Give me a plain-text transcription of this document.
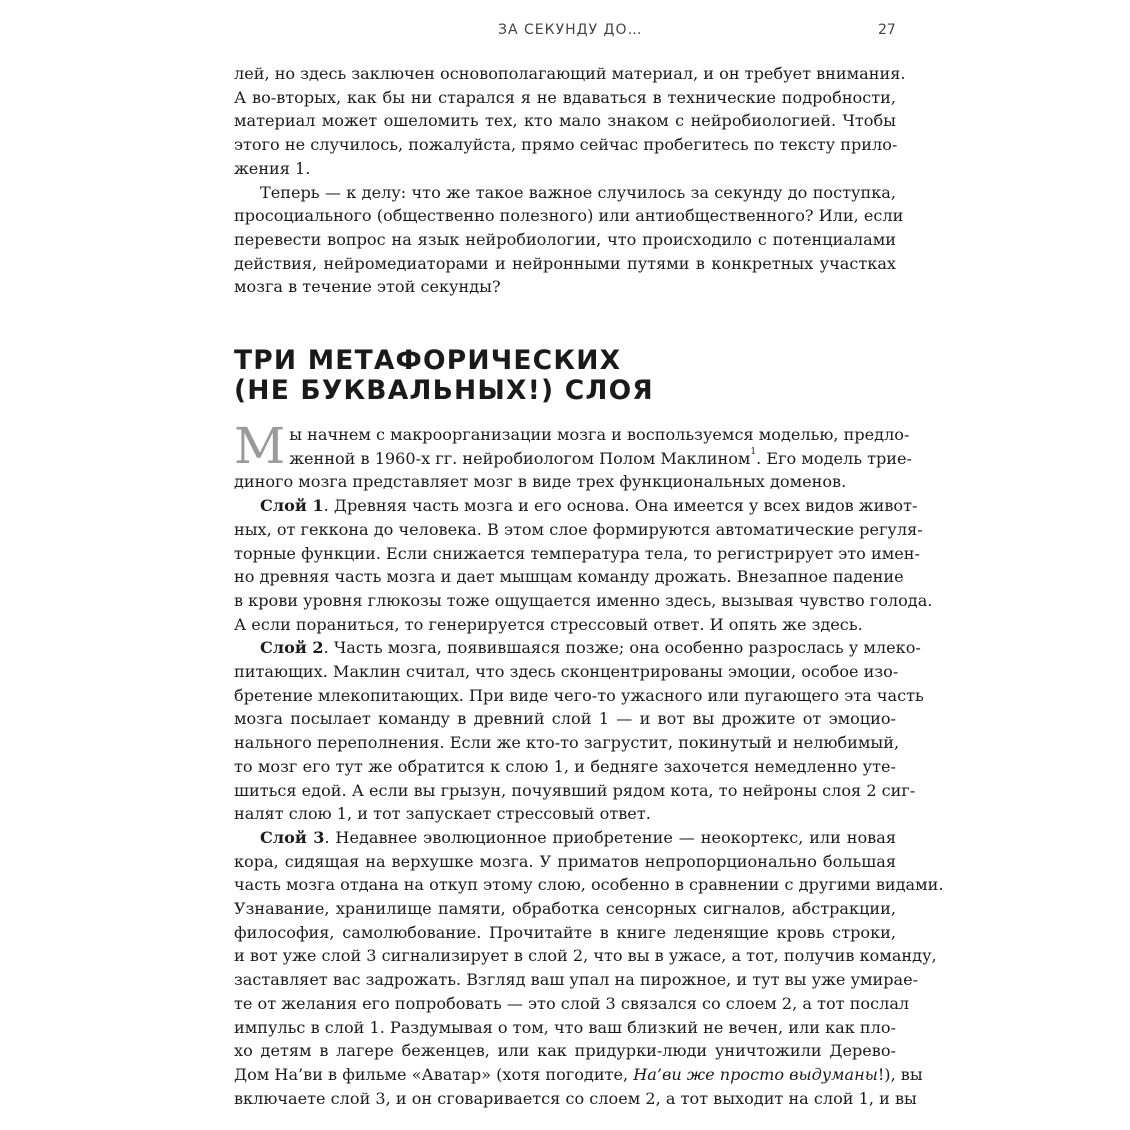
ЗА СЕКУНДУ ДО…	27

лей, но здесь заключен основополагающий материал, и он требует внимания.

А во-вторых, как бы ни старался я не вдаваться в технические подробности,

материал может ошеломить тех, кто мало знаком с нейробиологией. Чтобы

этого не случилось, пожалуйста, прямо сейчас пробегитесь по тексту прило-

жения 1.

Теперь — к делу: что же такое важное случилось за секунду до поступка,

просоциального (общественно полезного) или антиобщественного? Или, если

перевести вопрос на язык нейробиологии, что происходило с потенциалами

действия, нейромедиаторами и нейронными путями в конкретных участках

мозга в течение этой секунды?

ТРИ МЕТАФОРИЧЕСКИХ
(НЕ БУКВАЛЬНЫХ!) СЛОЯ
М ы начнем с макроорганизации мозга и воспользуемся моделью, предло-

женной в 1960-х гг. нейробиологом Полом Маклином$^1$. Его модель трие-

диного мозга представляет мозг в виде трех функциональных доменов.

Слой 1. Древняя часть мозга и его основа. Она имеется у всех видов живот-

ных, от геккона до человека. В этом слое формируются автоматические регуля-

торные функции. Если снижается температура тела, то регистрирует это имен-

но древняя часть мозга и дает мышцам команду дрожать. Внезапное падение

в крови уровня глюкозы тоже ощущается именно здесь, вызывая чувство голода.

А если пораниться, то генерируется стрессовый ответ. И опять же здесь.

Слой 2. Часть мозга, появившаяся позже; она особенно разрослась у млеко-

питающих. Маклин считал, что здесь сконцентрированы эмоции, особое изо-

бретение млекопитающих. При виде чего-то ужасного или пугающего эта часть

мозга посылает команду в древний слой 1 — и вот вы дрожите от эмоцио-

нального переполнения. Если же кто-то загрустит, покинутый и нелюбимый,

то мозг его тут же обратится к слою 1, и бедняге захочется немедленно уте-

шиться едой. А если вы грызун, почуявший рядом кота, то нейроны слоя 2 сиг-

налят слою 1, и тот запускает стрессовый ответ.

Слой 3. Недавнее эволюционное приобретение — неокортекс, или новая

кора, сидящая на верхушке мозга. У приматов непропорционально большая

часть мозга отдана на откуп этому слою, особенно в сравнении с другими видами.

Узнавание, хранилище памяти, обработка сенсорных сигналов, абстракции,

философия, самолюбование. Прочитайте в книге леденящие кровь строки,

и вот уже слой 3 сигнализирует в слой 2, что вы в ужасе, а тот, получив команду,

заставляет вас задрожать. Взгляд ваш упал на пирожное, и тут вы уже умирае-

те от желания его попробовать — это слой 3 связался со слоем 2, а тот послал

импульс в слой 1. Раздумывая о том, что ваш близкий не вечен, или как пло-

хо детям в лагере беженцев, или как придурки-люди уничтожили Дерево-

Дом На’ви в фильме «Аватар» (хотя погодите, На’ви же просто выдуманы!), вы

включаете слой 3, и он сговаривается со слоем 2, а тот выходит на слой 1, и вы
